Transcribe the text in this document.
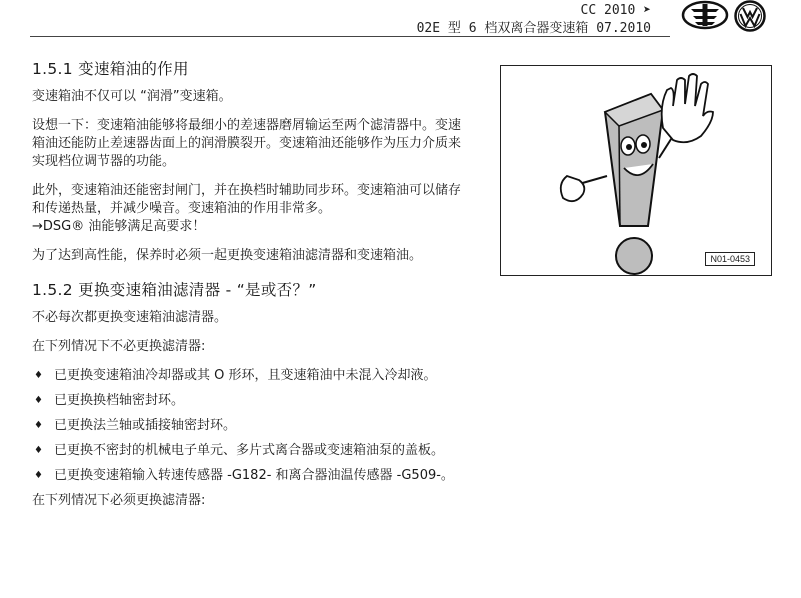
CC 2010 ➤
02E 型 6 档双离合器变速箱 07.2010
1.5.1 变速箱油的作用

变速箱油不仅可以 “润滑”变速箱。

设想一下：变速箱油能够将最细小的差速器磨屑输运至两个滤清器中。变速箱油还能防止差速器齿面上的润滑膜裂开。变速箱油还能够作为压力介质来实现档位调节器的功能。

此外，变速箱油还能密封闸门，并在换档时辅助同步环。变速箱油可以储存和传递热量，并减少噪音。变速箱油的作用非常多。
→DSG® 油能够满足高要求！

为了达到高性能，保养时必须一起更换变速箱油滤清器和变速箱油。

1.5.2 更换变速箱油滤清器 - “是或否？”

不必每次都更换变速箱油滤清器。

在下列情况下不必更换滤清器:

♦ 已更换变速箱油冷却器或其 O 形环，且变速箱油中未混入冷却液。
♦ 已更换换档轴密封环。
♦ 已更换法兰轴或插接轴密封环。
♦ 已更换不密封的机械电子单元、多片式离合器或变速箱油泵的盖板。
♦ 已更换变速箱输入转速传感器 -G182- 和离合器油温传感器 -G509-。

在下列情况下必须更换滤清器:

N01-0453
